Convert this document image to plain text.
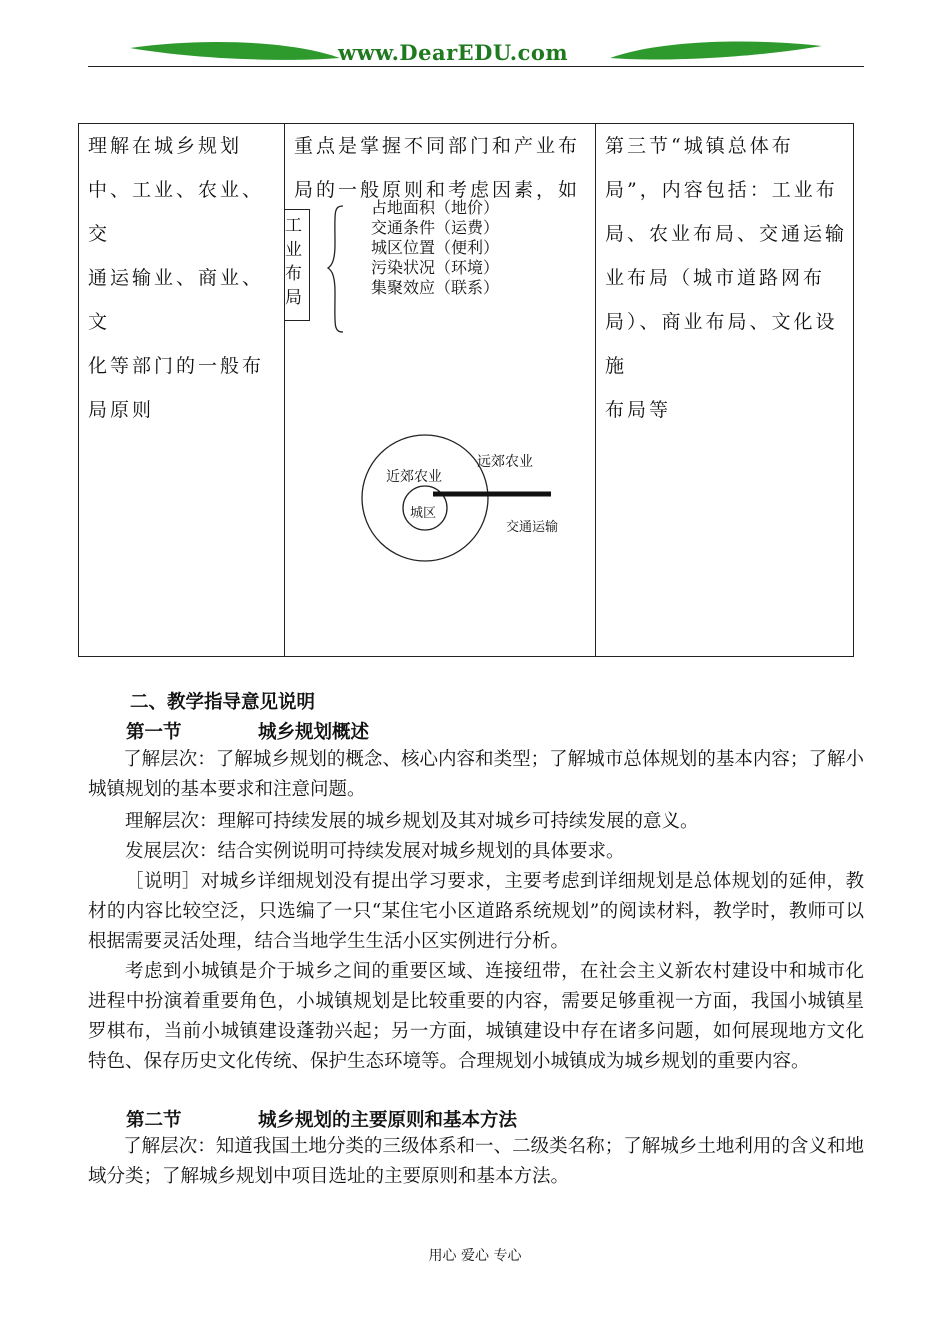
www.DearEDU.com
理解在城乡规划
中、工业、农业、交
通运输业、商业、文
化等部门的一般布
局原则
重点是掌握不同部门和产业布
局的一般原则和考虑因素，如
工业布局
占地面积（地价）
交通条件（运费）
城区位置（便利）
污染状况（环境）
集聚效应（联系）
近郊农业
远郊农业
城区
交通运输
第三节“城镇总体布
局”，内容包括：工业布
局、农业布局、交通运输
业布局（城市道路网布
局）、商业布局、文化设施
布局等
二、教学指导意见说明
第一节	城乡规划概述
了解层次：了解城乡规划的概念、核心内容和类型；了解城市总体规划的基本内容；了解小城镇规划的基本要求和注意问题。
理解层次：理解可持续发展的城乡规划及其对城乡可持续发展的意义。
发展层次：结合实例说明可持续发展对城乡规划的具体要求。
［说明］对城乡详细规划没有提出学习要求，主要考虑到详细规划是总体规划的延伸，教材的内容比较空泛，只选编了一只“某住宅小区道路系统规划”的阅读材料，教学时，教师可以根据需要灵活处理，结合当地学生生活小区实例进行分析。
考虑到小城镇是介于城乡之间的重要区域、连接纽带，在社会主义新农村建设中和城市化进程中扮演着重要角色，小城镇规划是比较重要的内容，需要足够重视一方面，我国小城镇星罗棋布，当前小城镇建设蓬勃兴起；另一方面，城镇建设中存在诸多问题，如何展现地方文化特色、保存历史文化传统、保护生态环境等。合理规划小城镇成为城乡规划的重要内容。
第二节	城乡规划的主要原则和基本方法
了解层次：知道我国土地分类的三级体系和一、二级类名称；了解城乡土地利用的含义和地域分类；了解城乡规划中项目选址的主要原则和基本方法。
用心 爱心 专心
